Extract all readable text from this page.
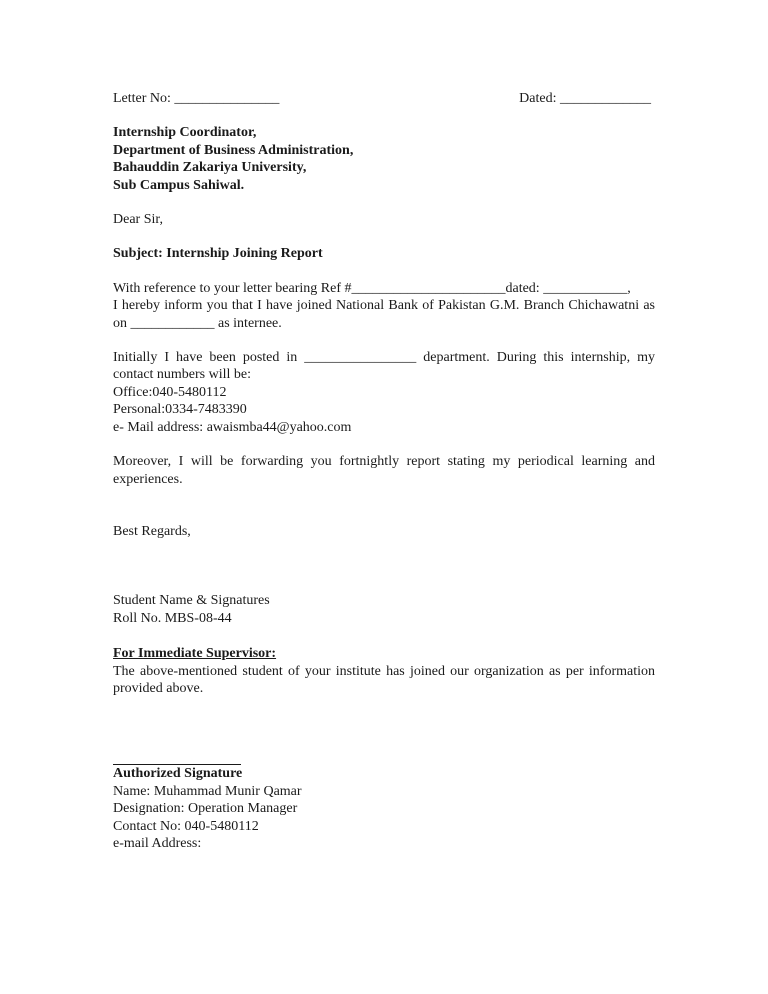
Letter No: _______________	Dated: _____________
Internship Coordinator,
Department of Business Administration,
Bahauddin Zakariya University,
Sub Campus Sahiwal.
Dear Sir,
Subject: Internship Joining Report
With reference to your letter bearing Ref #______________________dated: ____________,
I hereby inform you that I have joined National Bank of Pakistan G.M. Branch Chichawatni as on ____________ as internee.
Initially I have been posted in ________________ department. During this internship, my contact numbers will be:
Office:040-5480112
Personal:0334-7483390
e- Mail address: awaismba44@yahoo.com
Moreover, I will be forwarding you fortnightly report stating my periodical learning and experiences.
Best Regards,
Student Name & Signatures
Roll No. MBS-08-44
For Immediate Supervisor:
The above-mentioned student of your institute has joined our organization as per information provided above.
Authorized Signature
Name: Muhammad Munir Qamar
Designation: Operation Manager
Contact No: 040-5480112
e-mail Address:
